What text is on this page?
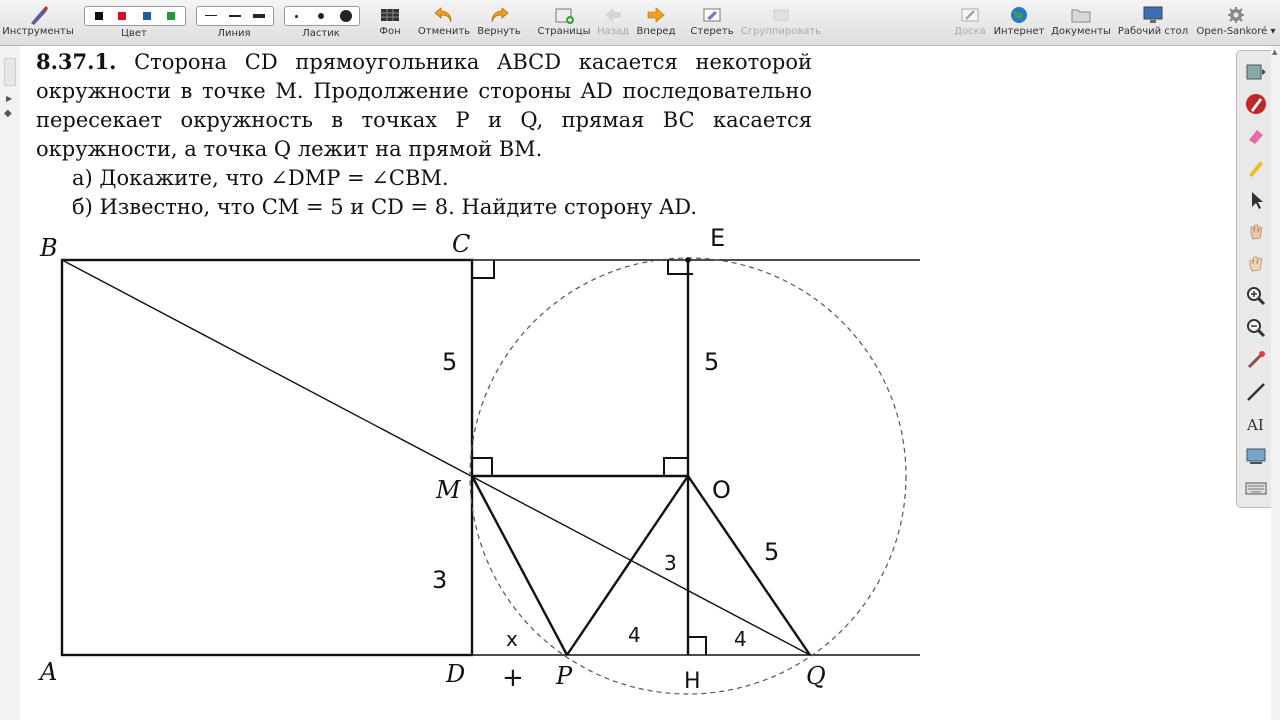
Инструменты	Цвет	Линия	Ластик	Фон	Отменить Вернуть Страницы Назад Вперед Стереть Сгруппировать	Доска Интернет Документы Рабочий стол Open-Sankoré ▾
▶
◆

8.37.1. Сторона CD прямоугольника ABCD касается некоторой окружности в точке M. Продолжение стороны AD последовательно пересекает окружность в точках P и Q, прямая BC касается окружности, а точка Q лежит на прямой BM.

а) Докажите, что ∠DMP = ∠CBM.

б) Известно, что CM = 5 и CD = 8. Найдите сторону AD.

B	C
M
A	D	P	Q
E
O
H
5	5
3
3	5
x	4	4
+
AI
▲
